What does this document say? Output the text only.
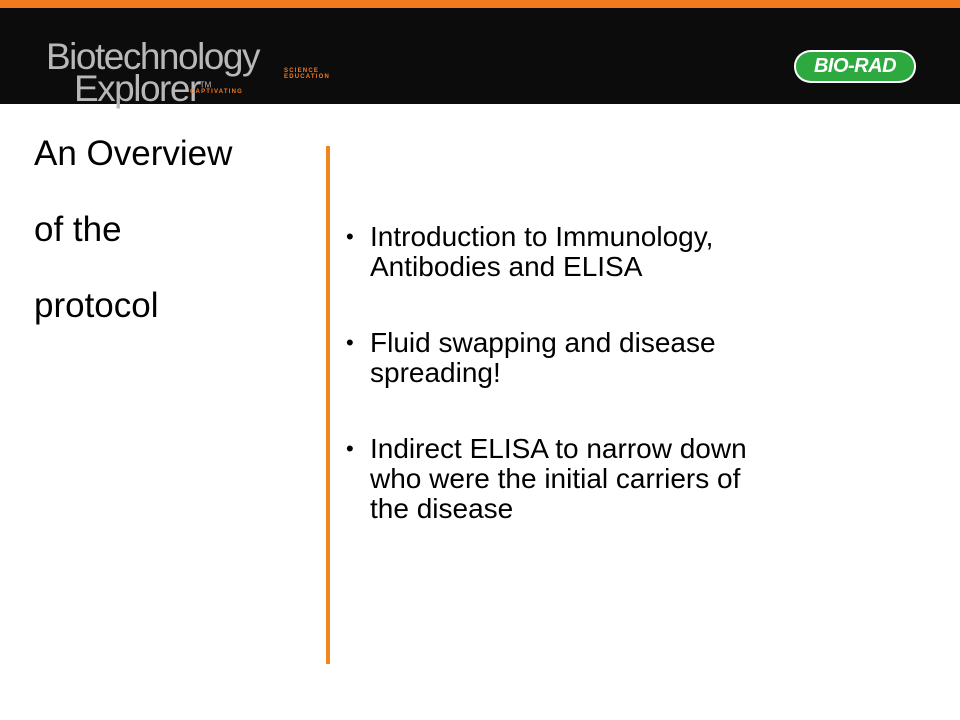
Biotechnology
Explorer™
CAPTIVATING
SCIENCE EDUCATION	BIO-RAD
An Overview
of the
protocol
• Introduction to Immunology,
Antibodies and ELISA
• Fluid swapping and disease
spreading!
• Indirect ELISA to narrow down
who were the initial carriers of
the disease
